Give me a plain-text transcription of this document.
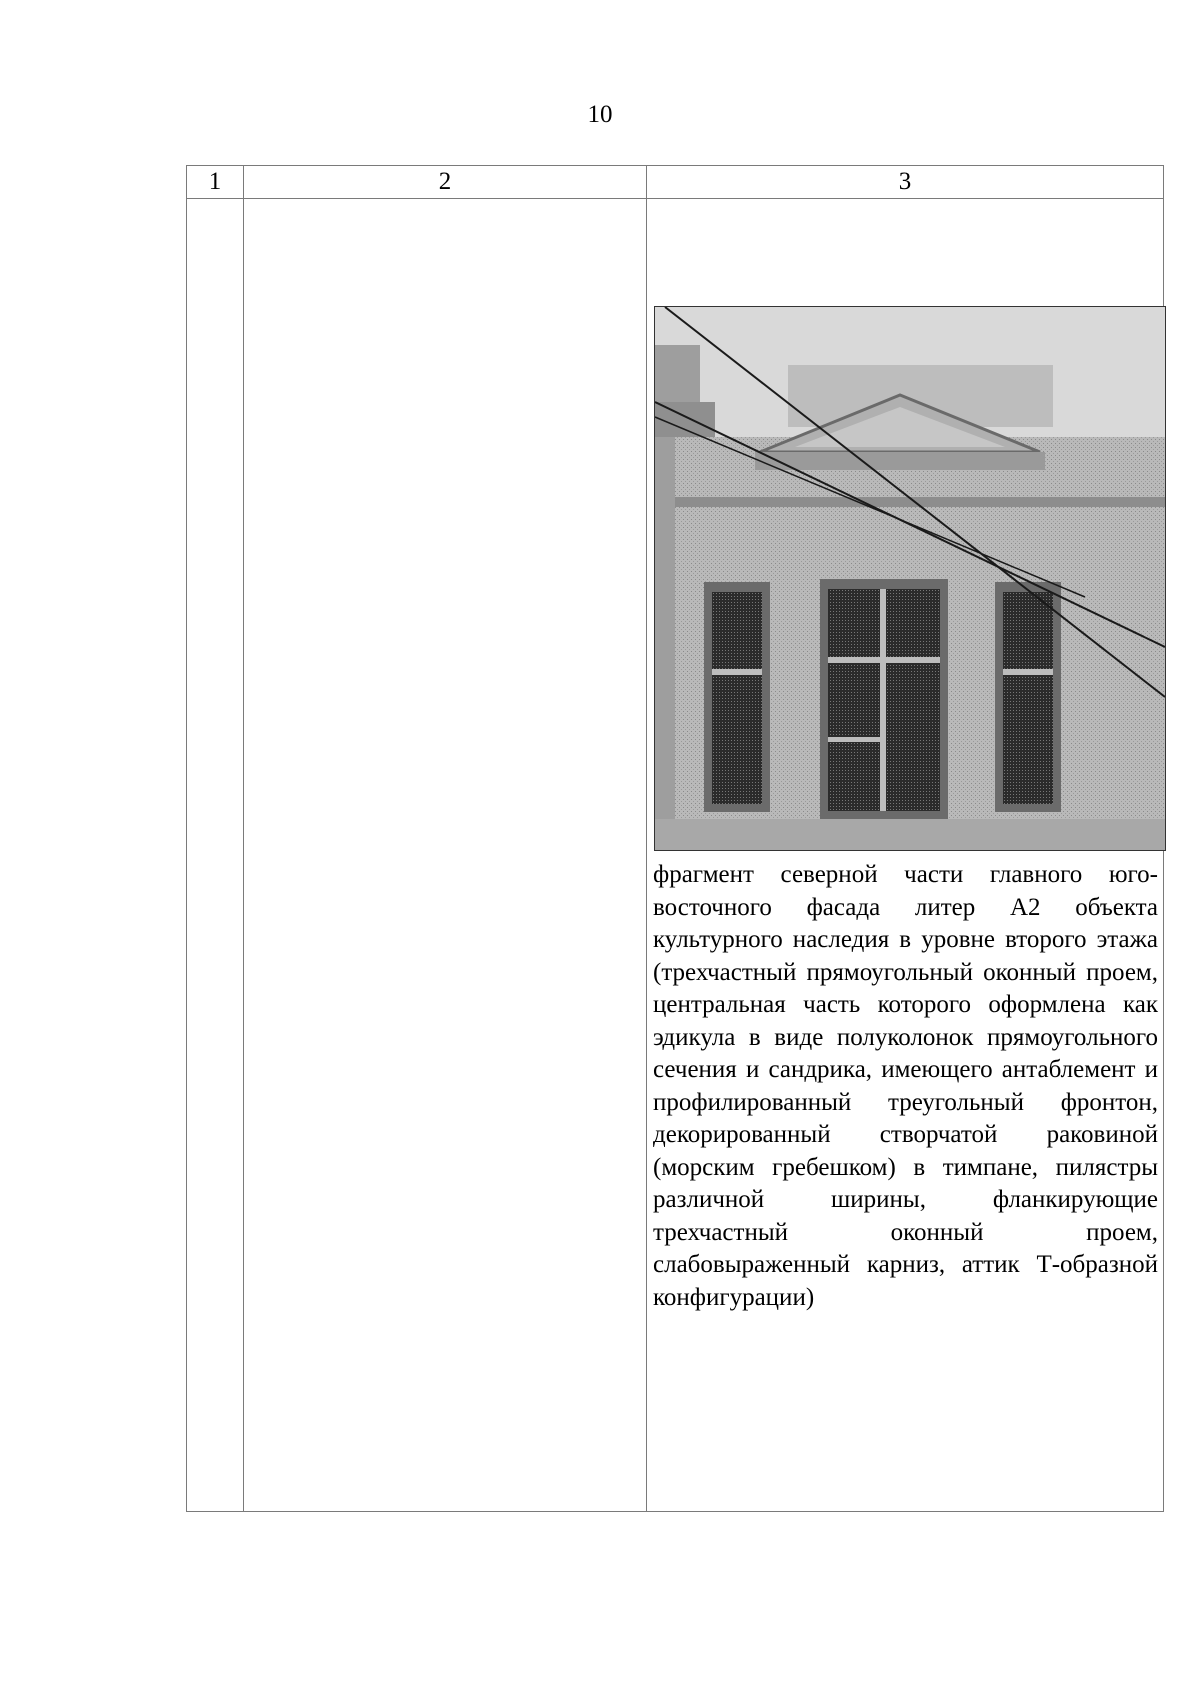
10
1	2	3

		фрагмент северной части главного юго-восточного фасада литер А2 объекта культурного наследия в уровне второго этажа (трехчастный прямоугольный оконный проем, центральная часть которого оформлена как эдикула в виде полуколонок прямоугольного сечения и сандрика, имеющего антаблемент и профилированный треугольный фронтон, декорированный створчатой раковиной (морским гребешком) в тимпане, пилястры различной ширины, фланкирующие трехчастный оконный проем, слабовыраженный карниз, аттик Т-образной конфигурации)
